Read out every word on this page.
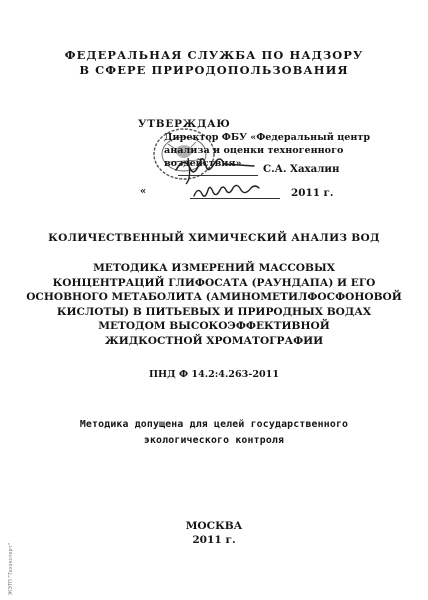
ФЕДЕРАЛЬНАЯ СЛУЖБА ПО НАДЗОРУ
В СФЕРЕ ПРИРОДОПОЛЬЗОВАНИЯ
УТВЕРЖДАЮ
Директор ФБУ «Федеральный центр
анализа и оценки техногенного
воздействия»	С.А. Хахалин
«	2011 г.
КОЛИЧЕСТВЕННЫЙ ХИМИЧЕСКИЙ АНАЛИЗ ВОД
МЕТОДИКА ИЗМЕРЕНИЙ МАССОВЫХ
КОНЦЕНТРАЦИЙ ГЛИФОСАТА (РАУНДАПА) И ЕГО
ОСНОВНОГО МЕТАБОЛИТА (АМИНОМЕТИЛФОСФОНОВОЙ
КИСЛОТЫ) В ПИТЬЕВЫХ И ПРИРОДНЫХ ВОДАХ
МЕТОДОМ ВЫСОКОЭФФЕКТИВНОЙ
ЖИДКОСТНОЙ ХРОМАТОГРАФИИ
ПНД Ф 14.2:4.263-2011
Методика допущена для целей государственного
экологического контроля
МОСКВА
2011 г.
ЖЭТП "Техэксперт"
